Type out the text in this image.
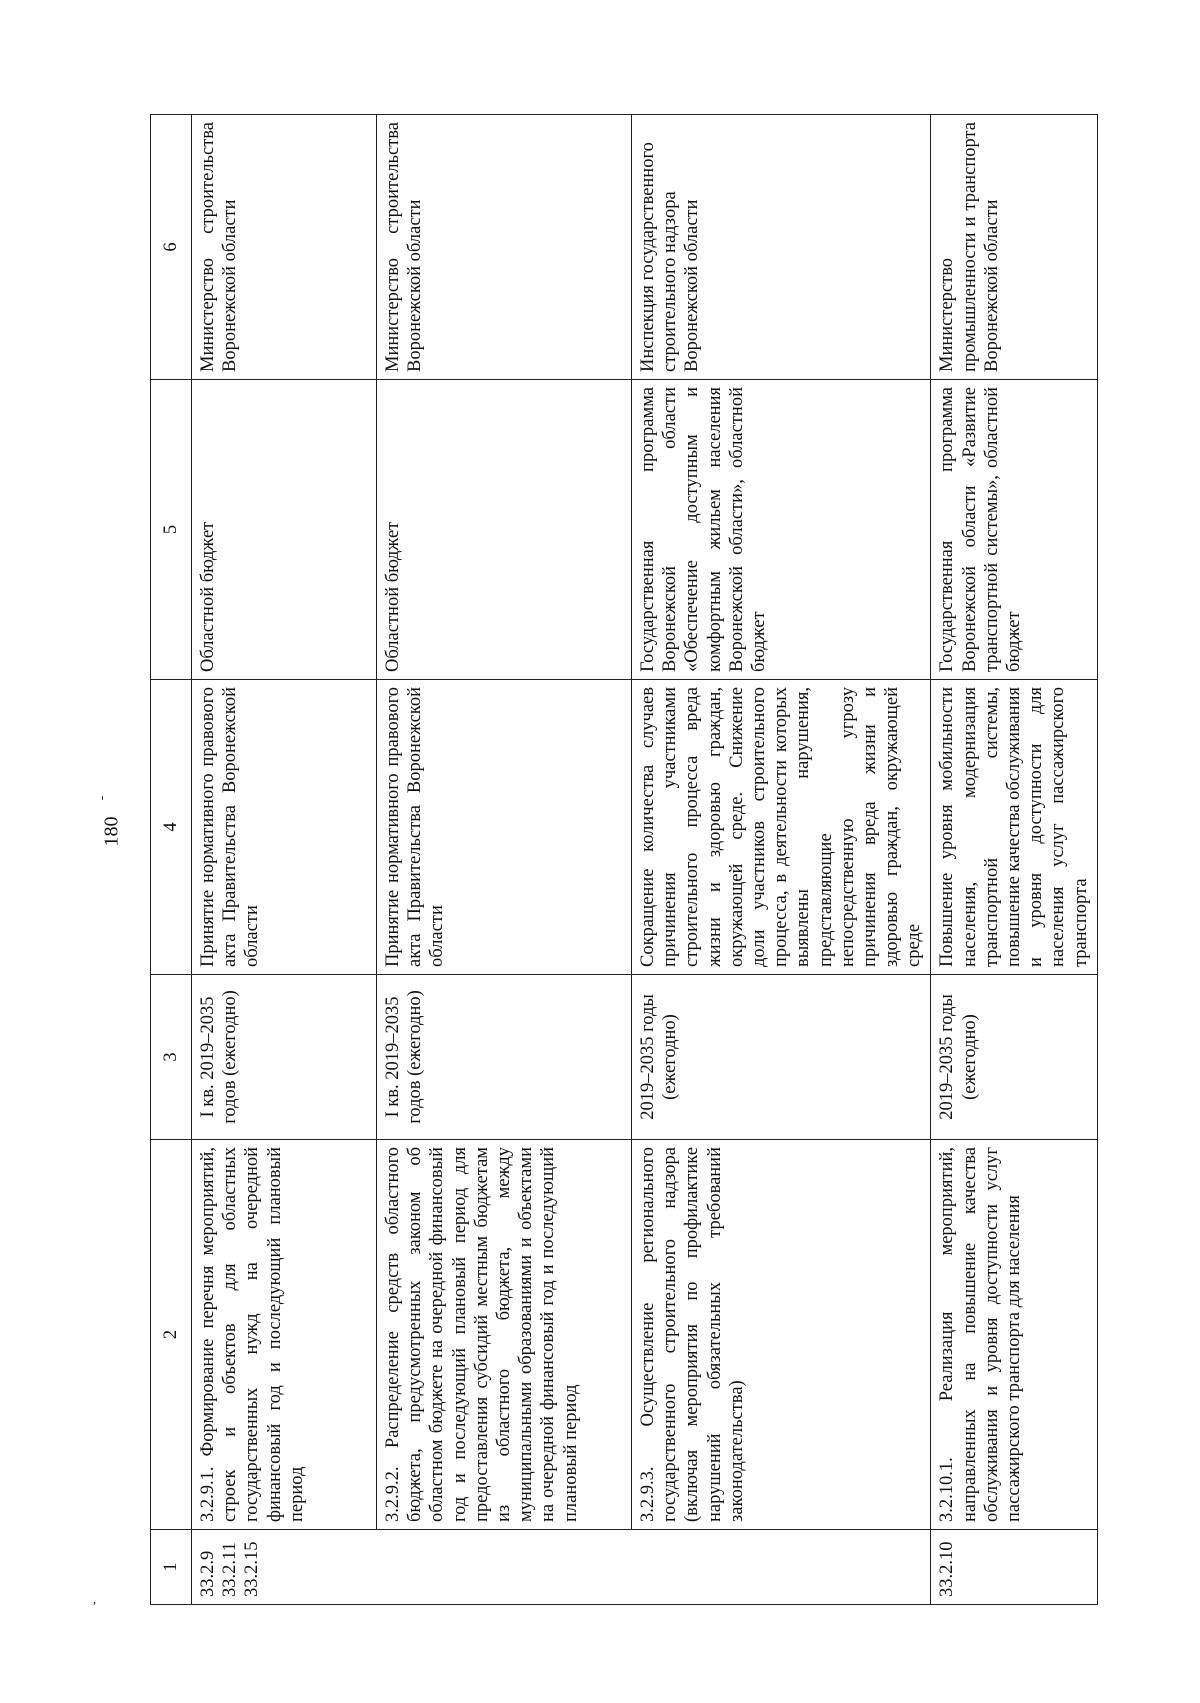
180
-
ʼ
1	2	3	4	5	6
33.2.9 33.2.11 33.2.15	3.2.9.1. Формирование перечня мероприятий, строек и объектов для областных государственных нужд на очередной финансовый год и последующий плановый период	I кв. 2019–2035 годов (ежегодно)	Принятие нормативного правового акта Правительства Воронежской области	Областной бюджет	Министерство строительства Воронежской области
	3.2.9.2. Распределение средств областного бюджета, предусмотренных законом об областном бюджете на очередной финансовый год и последующий плановый период для предоставления субсидий местным бюджетам из областного бюджета, между муниципальными образованиями и объектами на очередной финансовый год и последующий плановый период	I кв. 2019–2035 годов (ежегодно)	Принятие нормативного правового акта Правительства Воронежской области	Областной бюджет	Министерство строительства Воронежской области
	3.2.9.3. Осуществление регионального государственного строительного надзора (включая мероприятия по профилактике нарушений обязательных требований законодательства)	2019–2035 годы (ежегодно)	Сокращение количества случаев причинения участниками строительного процесса вреда жизни и здоровью граждан, окружающей среде. Снижение доли участников строительного процесса, в деятельности которых выявлены нарушения, представляющие непосредственную угрозу причинения вреда жизни и здоровью граждан, окружающей среде	Государственная программа Воронежской области «Обеспечение доступным и комфортным жильем населения Воронежской области», областной бюджет	Инспекция государственного строительного надзора Воронежской области
33.2.10	3.2.10.1. Реализация мероприятий, направленных на повышение качества обслуживания и уровня доступности услуг пассажирского транспорта для населения	2019–2035 годы (ежегодно)	Повышение уровня мобильности населения, модернизация транспортной системы, повышение качества обслуживания и уровня доступности для населения услуг пассажирского транспорта	Государственная программа Воронежской области «Развитие транспортной системы», областной бюджет	Министерство промышленности и транспорта Воронежской области
